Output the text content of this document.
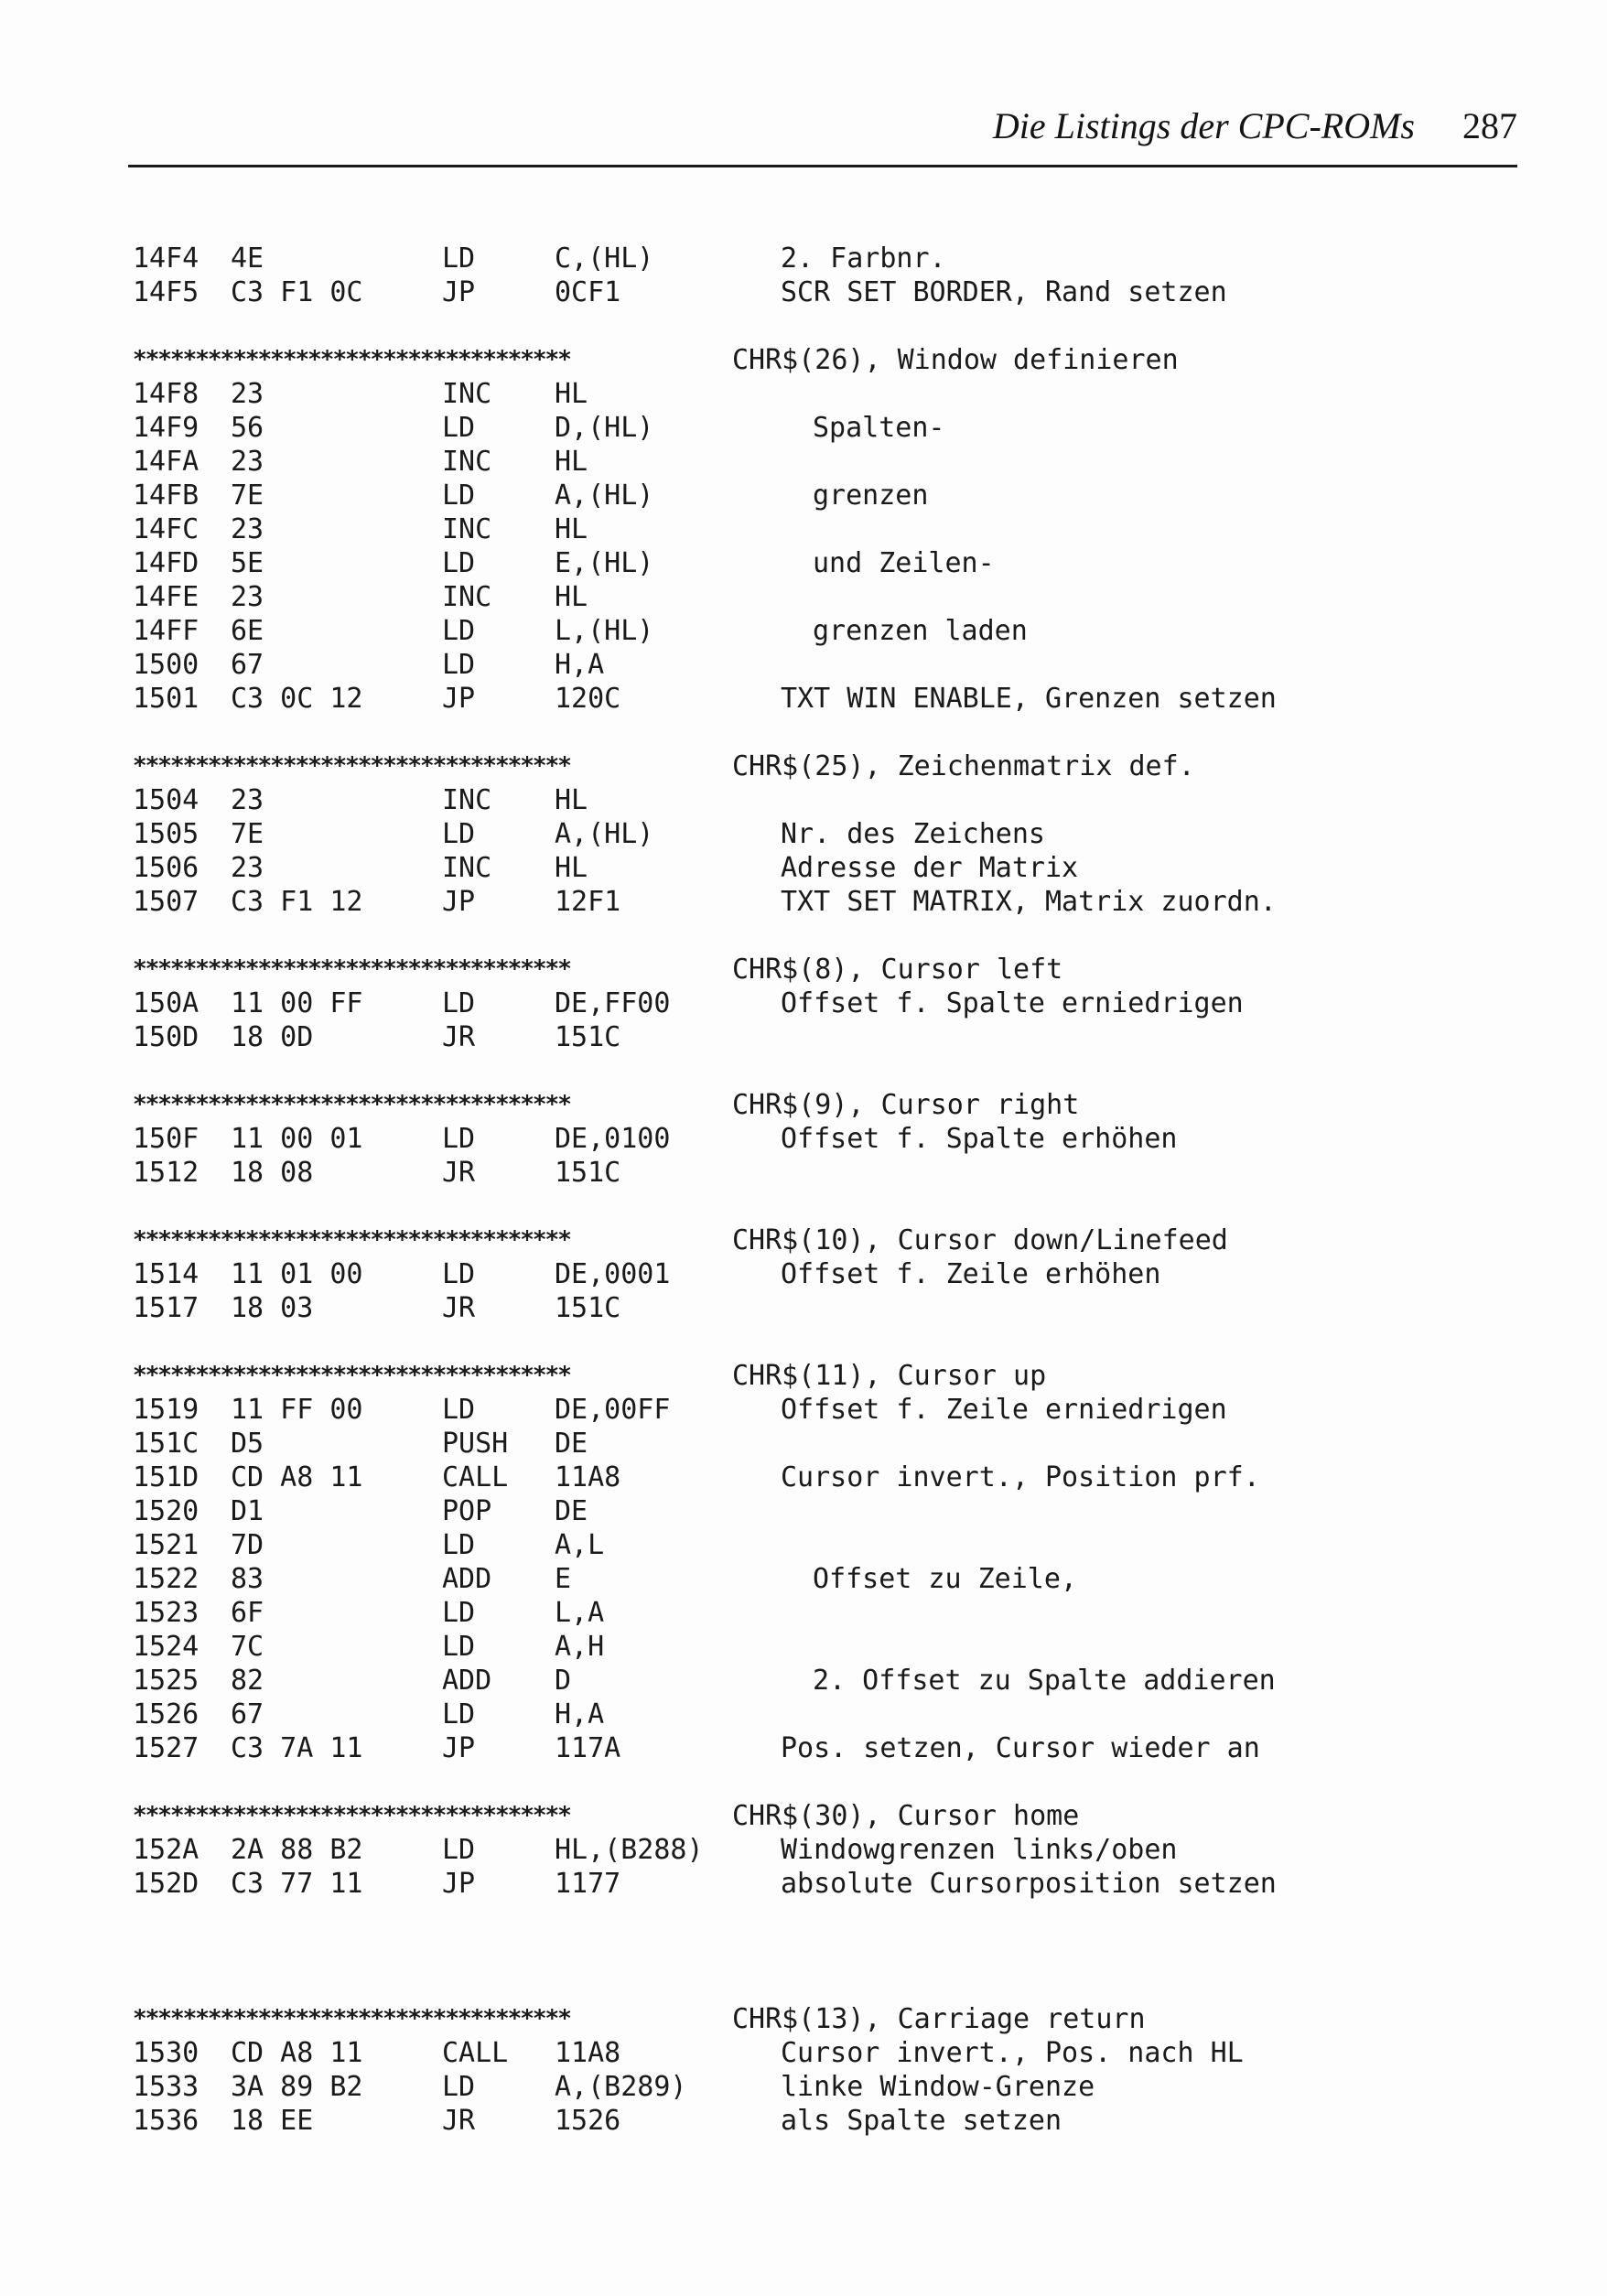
Die Listings der CPC-ROMs 287
14F4 4E	LD	C,(HL)	2. Farbnr.
14F5 C3 F1 0C	JP	0CF1	SCR SET BORDER, Rand setzen
***********************************	CHR$(26), Window definieren
14F8 23	INC HL
14F9 56	LD	D,(HL)	Spalten-
14FA 23	INC HL
14FB 7E	LD	A,(HL)	grenzen
14FC 23	INC HL
14FD 5E	LD	E,(HL)	und Zeilen-
14FE 23	INC HL
14FF 6E	LD	L,(HL)	grenzen laden
1500 67	LD	H,A
1501 C3 0C 12	JP	120C	TXT WIN ENABLE, Grenzen setzen
***********************************	CHR$(25), Zeichenmatrix def.
1504 23	INC HL
1505 7E	LD	A,(HL)	Nr. des Zeichens
1506 23	INC HL	Adresse der Matrix
1507 C3 F1 12	JP	12F1	TXT SET MATRIX, Matrix zuordn.
***********************************	CHR$(8), Cursor left
150A 11 00 FF	LD	DE,FF00	Offset f. Spalte erniedrigen
150D 18 0D	JR	151C
***********************************	CHR$(9), Cursor right
150F 11 00 01	LD	DE,0100	Offset f. Spalte erhöhen
1512 18 08	JR	151C
***********************************	CHR$(10), Cursor down/Linefeed
1514 11 01 00	LD	DE,0001	Offset f. Zeile erhöhen
1517 18 03	JR	151C
***********************************	CHR$(11), Cursor up
1519 11 FF 00	LD	DE,00FF	Offset f. Zeile erniedrigen
151C D5	PUSH DE
151D CD A8 11	CALL 11A8	Cursor invert., Position prf.
1520 D1	POP DE
1521 7D	LD	A,L
1522 83	ADD E	Offset zu Zeile,
1523 6F	LD	L,A
1524 7C	LD	A,H
1525 82	ADD D	2. Offset zu Spalte addieren
1526 67	LD	H,A
1527 C3 7A 11	JP	117A	Pos. setzen, Cursor wieder an
***********************************	CHR$(30), Cursor home
152A 2A 88 B2	LD	HL,(B288)	Windowgrenzen links/oben
152D C3 77 11	JP	1177	absolute Cursorposition setzen
***********************************	CHR$(13), Carriage return
1530 CD A8 11	CALL 11A8	Cursor invert., Pos. nach HL
1533 3A 89 B2	LD	A,(B289)	linke Window-Grenze
1536 18 EE	JR	1526	als Spalte setzen
